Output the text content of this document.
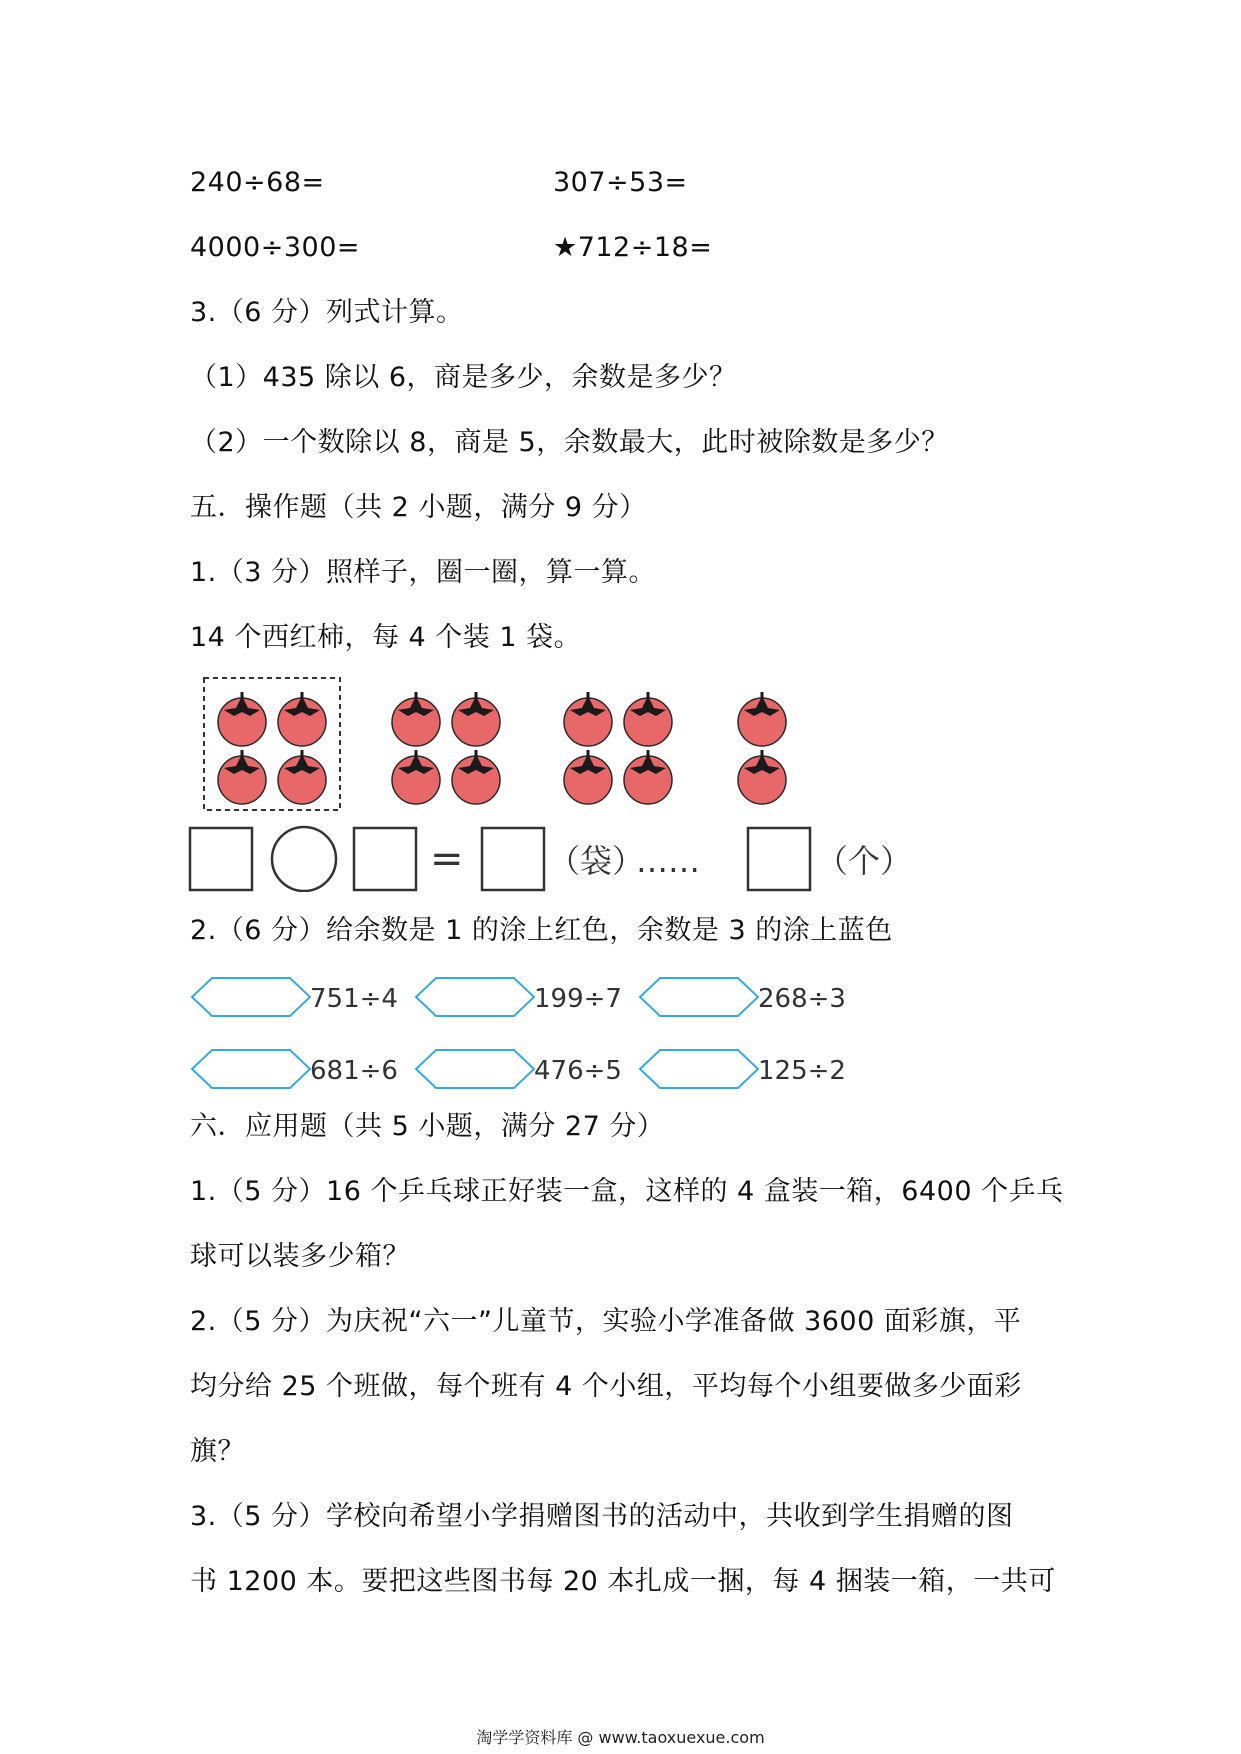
240÷68=	307÷53=
4000÷300=	★712÷18=
3.（6 分）列式计算。
（1）435 除以 6，商是多少，余数是多少？
（2）一个数除以 8，商是 5，余数最大，此时被除数是多少？
五．操作题（共 2 小题，满分 9 分）
1.（3 分）照样子，圈一圈，算一算。
14 个西红柿，每 4 个装 1 袋。
=	（袋）
……	（个）
2.（6 分）给余数是 1 的涂上红色，余数是 3 的涂上蓝色
751÷4	199÷7	268÷3
681÷6	476÷5	125÷2
六．应用题（共 5 小题，满分 27 分）
1.（5 分）16 个乒乓球正好装一盒，这样的 4 盒装一箱，6400 个乒乓
球可以装多少箱？
2.（5 分）为庆祝“六一”儿童节，实验小学准备做 3600 面彩旗，平
均分给 25 个班做，每个班有 4 个小组，平均每个小组要做多少面彩
旗？
3.（5 分）学校向希望小学捐赠图书的活动中，共收到学生捐赠的图
书 1200 本。要把这些图书每 20 本扎成一捆，每 4 捆装一箱，一共可
淘学学资料库 @ www.taoxuexue.com
